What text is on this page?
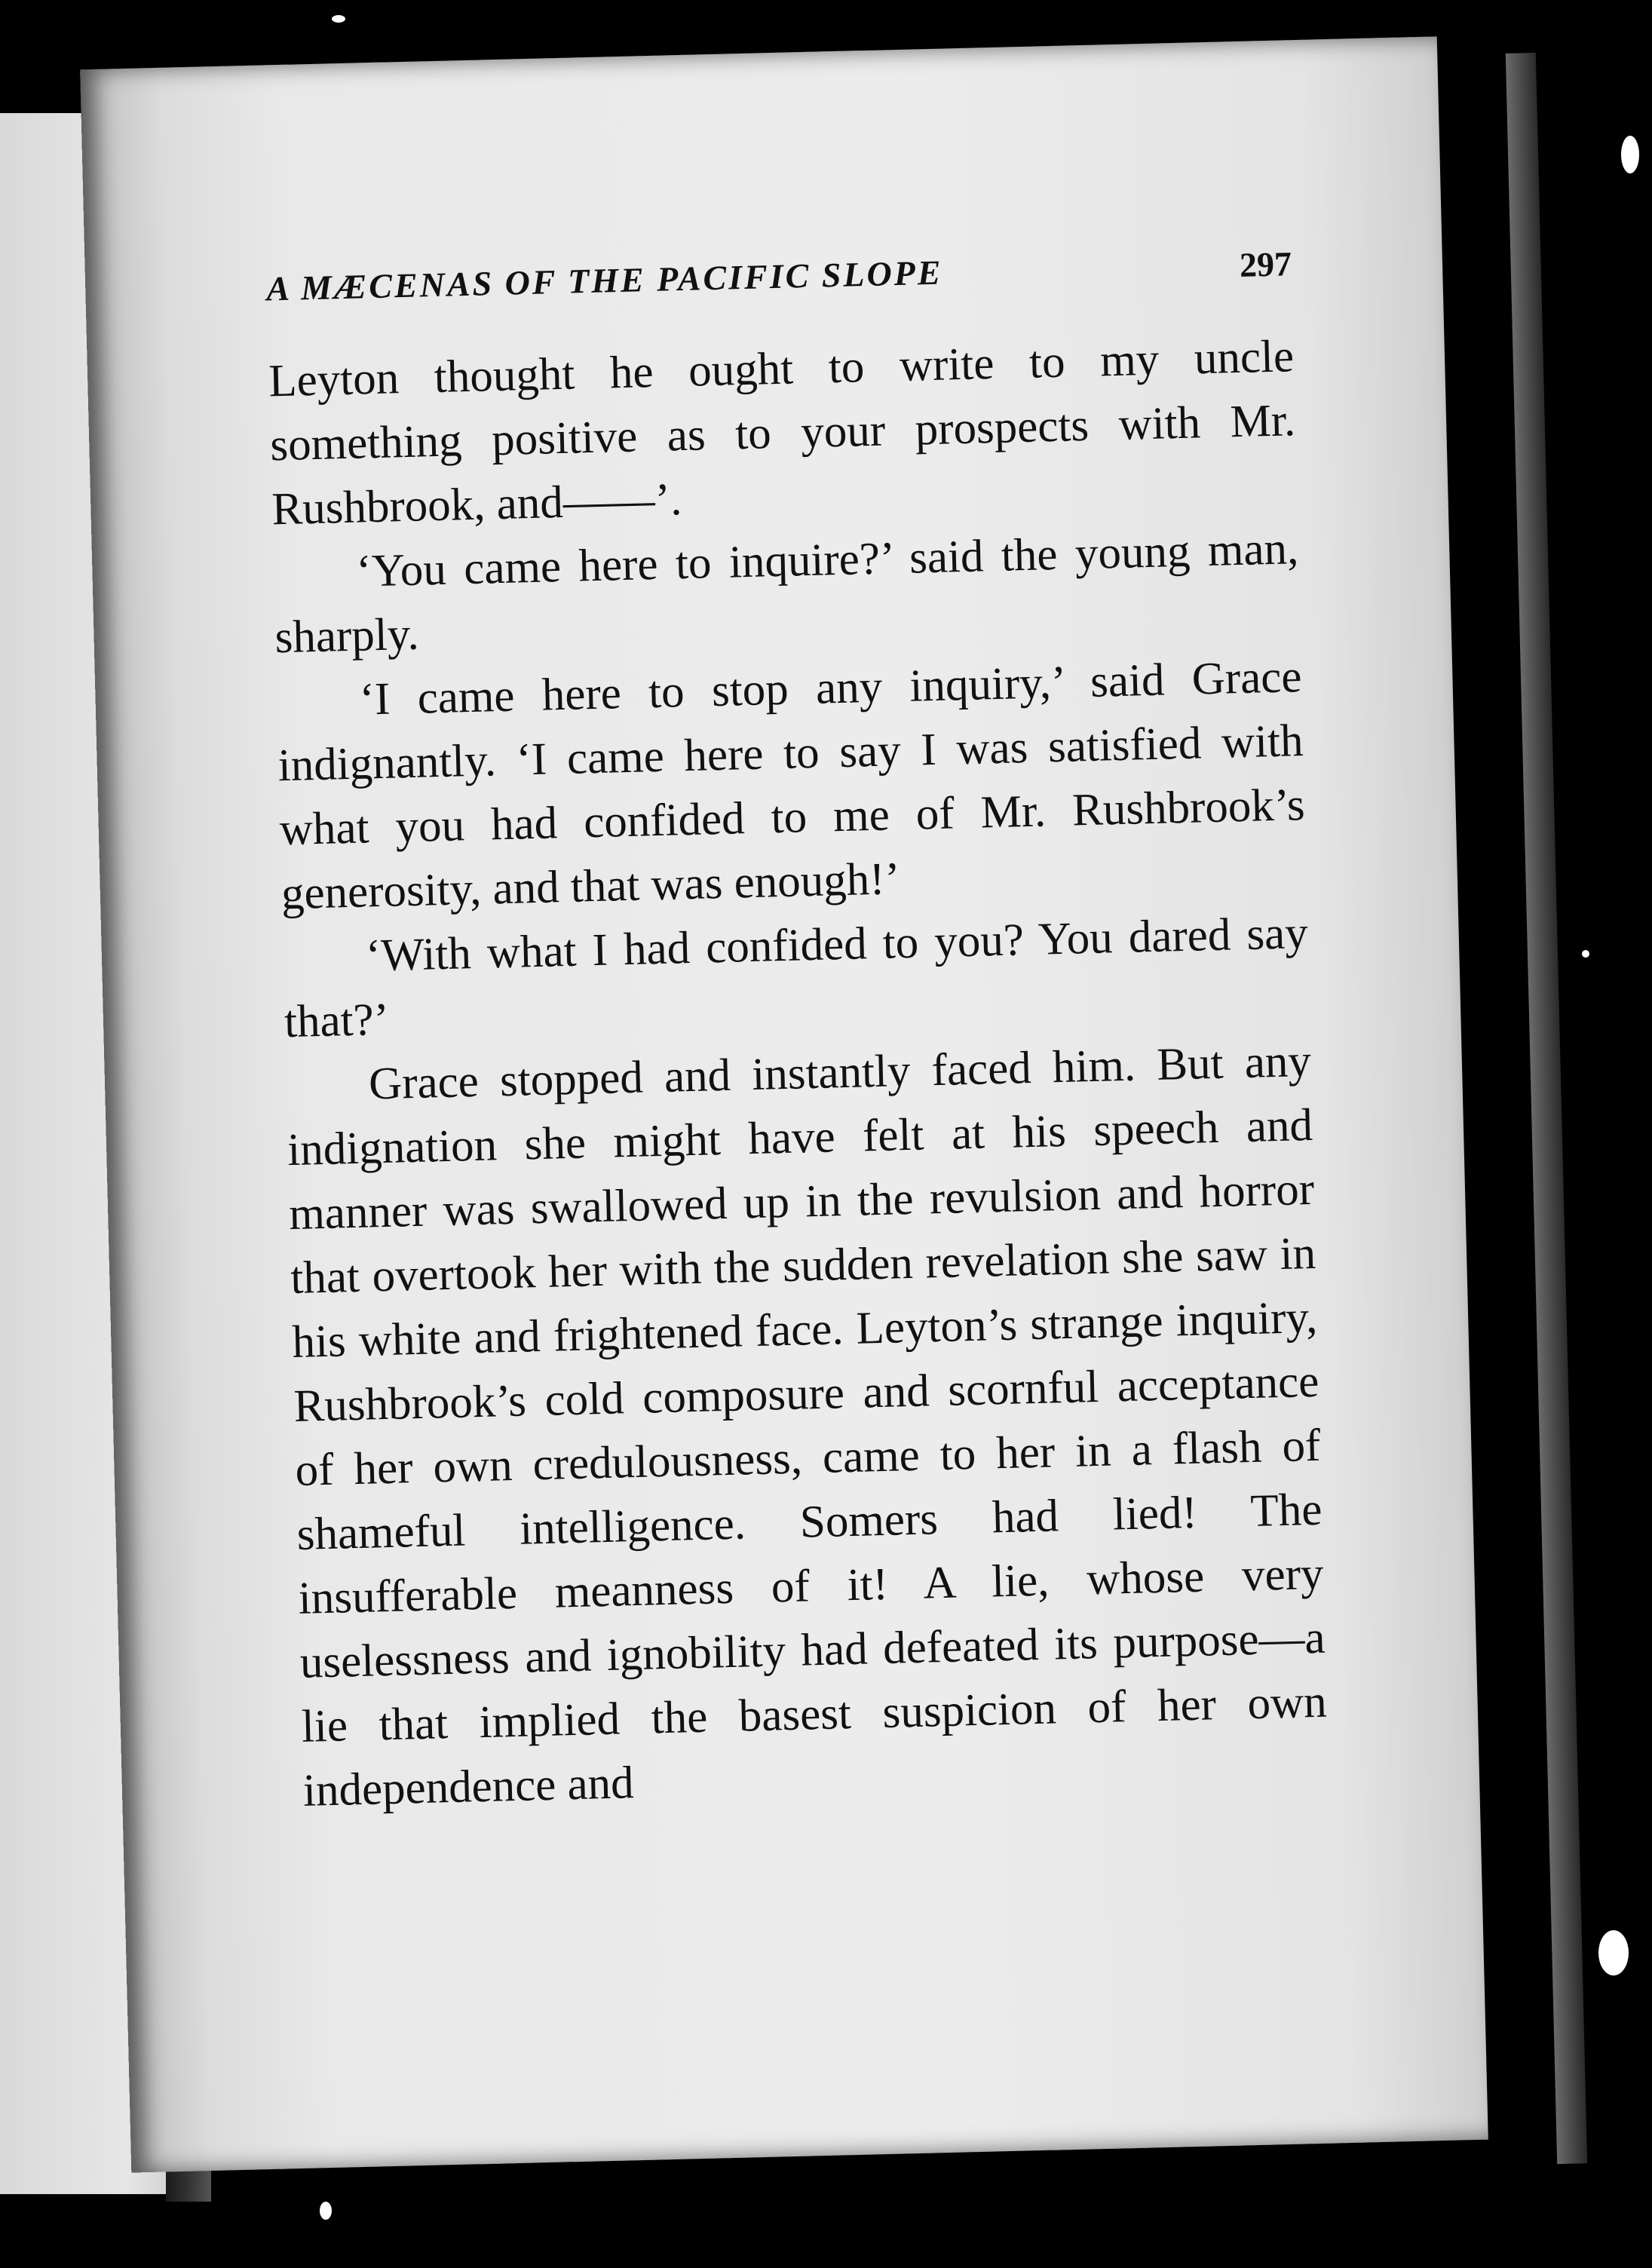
A MÆCENAS OF THE PACIFIC SLOPE	297

Leyton thought he ought to write to my uncle something positive as to your prospects with Mr. Rushbrook, and——’.

‘You came here to inquire?’ said the young man, sharply.

‘I came here to stop any inquiry,’ said Grace indignantly. ‘I came here to say I was satisfied with what you had confided to me of Mr. Rushbrook’s generosity, and that was enough!’

‘With what I had confided to you? You dared say that?’

Grace stopped and instantly faced him. But any indignation she might have felt at his speech and manner was swallowed up in the revulsion and horror that overtook her with the sudden revelation she saw in his white and frightened face. Leyton’s strange inquiry, Rushbrook’s cold composure and scornful acceptance of her own credulousness, came to her in a flash of shameful intelligence. Somers had lied! The insufferable meanness of it! A lie, whose very uselessness and ignobility had defeated its purpose—a lie that implied the basest suspicion of her own independence and
